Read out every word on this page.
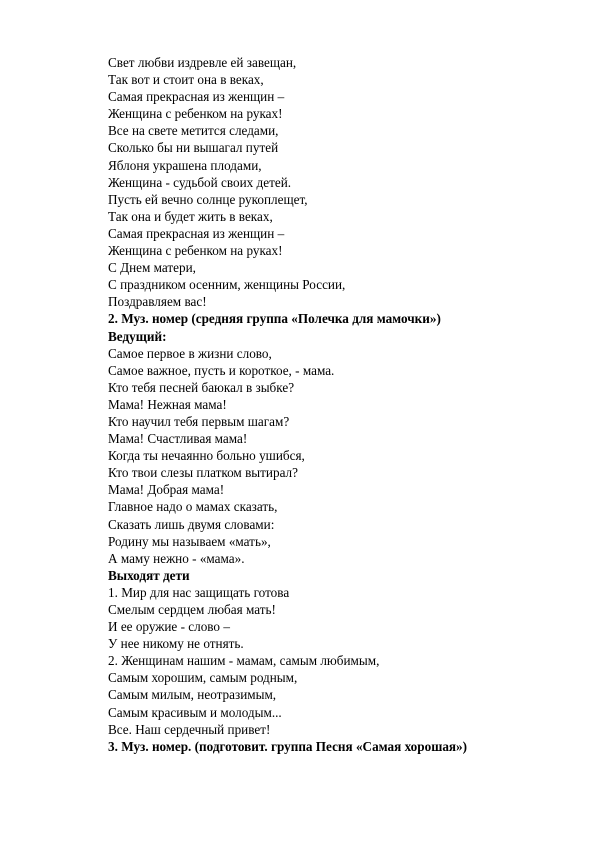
Свет любви издревле ей завещан,
Так вот и стоит она в веках,
Самая прекрасная из женщин –
Женщина с ребенком на руках!
Все на свете метится следами,
Сколько бы ни вышагал путей
Яблоня украшена плодами,
Женщина - судьбой своих детей.
Пусть ей вечно солнце рукоплещет,
Так она и будет жить в веках,
Самая прекрасная из женщин –
Женщина с ребенком на руках!
С Днем матери,
С праздником осенним, женщины России,
Поздравляем вас!
2. Муз. номер (средняя группа «Полечка для мамочки»)
Ведущий:
Самое первое в жизни слово,
Самое важное, пусть и короткое, - мама.
Кто тебя песней баюкал в зыбке?
Мама! Нежная мама!
Кто научил тебя первым шагам?
Мама! Счастливая мама!
Когда ты нечаянно больно ушибся,
Кто твои слезы платком вытирал?
Мама! Добрая мама!
Главное надо о мамах сказать,
Сказать лишь двумя словами:
Родину мы называем «мать»,
А маму нежно - «мама».
Выходят дети
1. Мир для нас защищать готова
Смелым сердцем любая мать!
И ее оружие - слово –
У нее никому не отнять.
2. Женщинам нашим - мамам, самым любимым,
Самым хорошим, самым родным,
Самым милым, неотразимым,
Самым красивым и молодым...
Все. Наш сердечный привет!
3. Муз. номер. (подготовит. группа Песня «Самая хорошая»)
